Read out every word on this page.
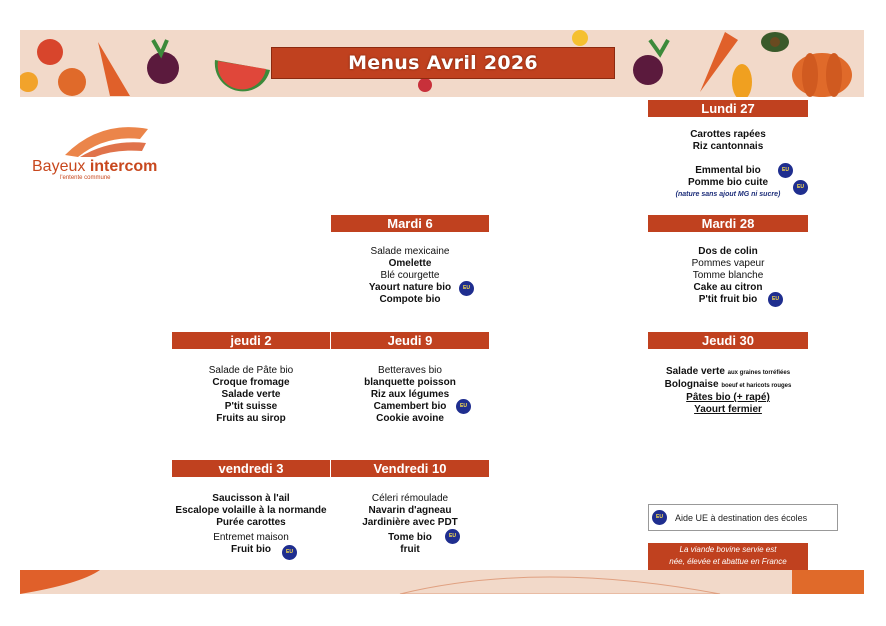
Menus Avril 2026
Bayeux intercom
l'entente commune
Lundi 27
Carottes rapées
Riz cantonnais
Emmental bio
Pomme bio cuite
(nature sans ajout MG ni sucre)
EU
EU
Mardi 6
Salade mexicaine
Omelette
Blé courgette
Yaourt nature bio
Compote bio
EU
Mardi 28
Dos de colin
Pommes vapeur
Tomme blanche
Cake au citron
P'tit fruit bio	EU
jeudi 2
Salade de Pâte bio
Croque fromage
Salade verte
P'tit suisse
Fruits au sirop
Jeudi 9
Betteraves bio
blanquette poisson
Riz aux légumes
Camembert bio
Cookie avoine
EU
Jeudi 30
Salade verte aux graines torréfiées
Bolognaise boeuf et haricots rouges
Pâtes bio (+ rapé)
Yaourt fermier
vendredi 3
Saucisson à l'ail
Escalope volaille à la normande
Purée carottes
Entremet maison
Fruit bio	EU
Vendredi 10
Céleri rémoulade
Navarin d'agneau
Jardinière avec PDT
Tome bio
fruit
EU
EU	Aide UE à destination des écoles
La viande bovine servie est
née, élevée et abattue en France
